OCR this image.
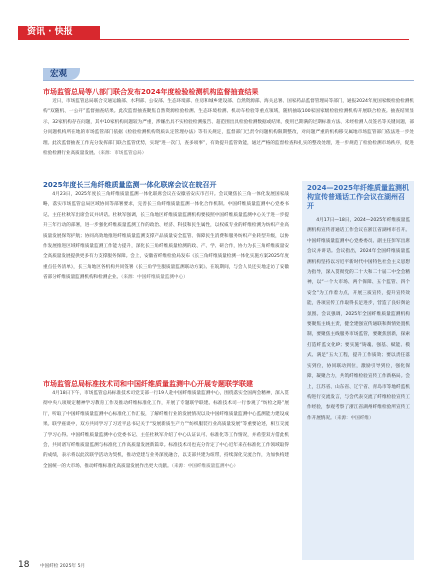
资讯 · 快报
宏观
市场监管总局等八部门联合发布2024年度检验检测机构监督抽查结果

近日，市场监管总局联合交通运输部、水利部、公安部、生态环境部、住房和城乡建设部、自然资源部、海关总署、国家药品监督管理局等部门，通报2024年度国家级检验检测机构“双随机、一公开”监督抽查结果。此次监督抽查聚焦自然资源检验检测、生态环境检测、机动车检验等重点领域，随机抽取100家国家级检验检测机构开展联合检查。抽查结果显示，32家机构存在问题，其中10家机构问题较为严重，涉嫌出具不实检验检测报告、超范围出具检验检测数据或结果、使用已期满的过期标准方法、未经检测人员签名等关键问题，部分问题机构所在地的市场监管部门依据《检验检测机构资质认定管理办法》等有关规定，监督部门已责令问题机构限期整改，对问题严重的机构移交属地市场监管部门依法进一步处理。此次监督抽查工作充分发挥部门联合监管优势，实现“进一次门，查多项事”，有效提升监管效能，通过严格的监督检查和扎实的整改处理，进一步规范了检验检测市场秩序，促进检验检测行业高质量发展。（来源：市场监管总局）

2025年度长三角纤维质量监测一体化联席会议在皖召开

4月23日，2025年度长三角纤维质量监测一体化联席会议在安徽省安庆市召开。会议聚焦长三角一体化发展国家战略，落实市场监管总局区域协同等部署要求，完善长三角纤维质量监测一体化合作机制。中国纤维质量监测中心党委书记、主任杜秋军出席会议并讲话。杜秋军强调，长三角地区纤维质量监测机构要按照中国纤维质量监测中心关于进一步提升三年行动的部署，进一步强化纤维质量监测工作的政治、经济、科技和民生属性，以权威专业的纤维检测为纺织产业高质量发展保驾护航；协同高效地推进纤维质量监测支撑产品质量安全监管、保障民生消费和服务纺织产业转型升级，以协作发展推进区域纤维质量监测工作能力提升，深化长三角纤维质量检测的政、产、学、研合作，协力为长三角纤维质量安全高质量发展提供更多有力支撑服务保障。会上，安徽省纤维检验局发布《长三角纤维质量检测一体化实施方案2025年度重点任务清单》，长三角地区各机构共同签署《长三角学生服质量监测联动方案》。在皖期间，与会人员还实地走访了安徽省部分纤维质量监测机构和检测企业。（来源：中国纤维质量监测中心）

市场监管总局标准技术司和中国纤维质量监测中心开展专题联学联建

4月18日下午，市场监管总局标准技术司党支部一行19人赴中国纤维质量监测中心，围绕落实全国两会精神，深入贯彻中央八项规定精神学习教育工作及推动纤维标准化工作，开展了专题联学联建。标准技术司一行参观了“纺检之路”展厅，听取了中国纤维质量监测中心标准化工作汇报，了解纤维行业的发展情况以及中国纤维质量监测中心监测能力建设成果。联学座谈中，双方共同学习了习近平总书记关于“发展新质生产力”“纺织服装行业高质量发展”等重要论述，相互交流了学习心得。中国纤维质量监测中心党委书记、主任杜秋军介绍了中心认证认可、标准化等工作情况，并希望双方借此机会，共同谱写纤维质量监测与标准化工作高质量发展新篇章。标准技术司也充分肯定了中心近年来在标准化工作领域取得的成绩，表示将以此次联学活动为契机，推动党建与业务深度融合，以支部共建为纽带，持续深化交流合作，为加快构建全国统一的大市场、推动纤维标准化高质量发展作出更大贡献。（来源：中国纤维质量监测中心）

2024—2025年纤维质量监测机构宣传普通话工作会议在湖州召开

4月17日—18日，2024—2025年纤维质量监测机构宣传普通话工作会议在浙江省湖州市召开。中国纤维质量监测中心党委委员、副主任彭军出席会议并讲话。会议指出，2024年全国纤维质量监测机构坚持以习近平新时代中国特色社会主义思想为指导，深入贯彻党的二十大和二十届二中全会精神，以“一个大市场、两个保障、五个监管、四个安全”为工作着力点，开展三质宣传，提升宣传效能，各项宣传工作取得长足进步，营造了良好舆论氛围。会议强调，2025年全国纤维质量监测机构要聚焦主线主责，健全建强宣传通联和舆情处置机制，要聚焦主线服务市场监管，要聚焦创新，探索打造纤监文化IP；要实施“铸魂、强基、赋能、模式、满足”五大工程，提升工作质效；要以责任落实到位，协同联动到位，激励引导到位，强化保障，凝聚合力，共筑纤维检验宣传工作新格局。会上，江苏省、山东省、辽宁省、青岛市等地纤监机构进行交流发言，与会代表交流了纤维检验宣传工作经验，参观考察了浙江省湖州纤维检验所宣传工作开展情况。（来源：中国纤维）

18 中国纤检 2025年 5月
